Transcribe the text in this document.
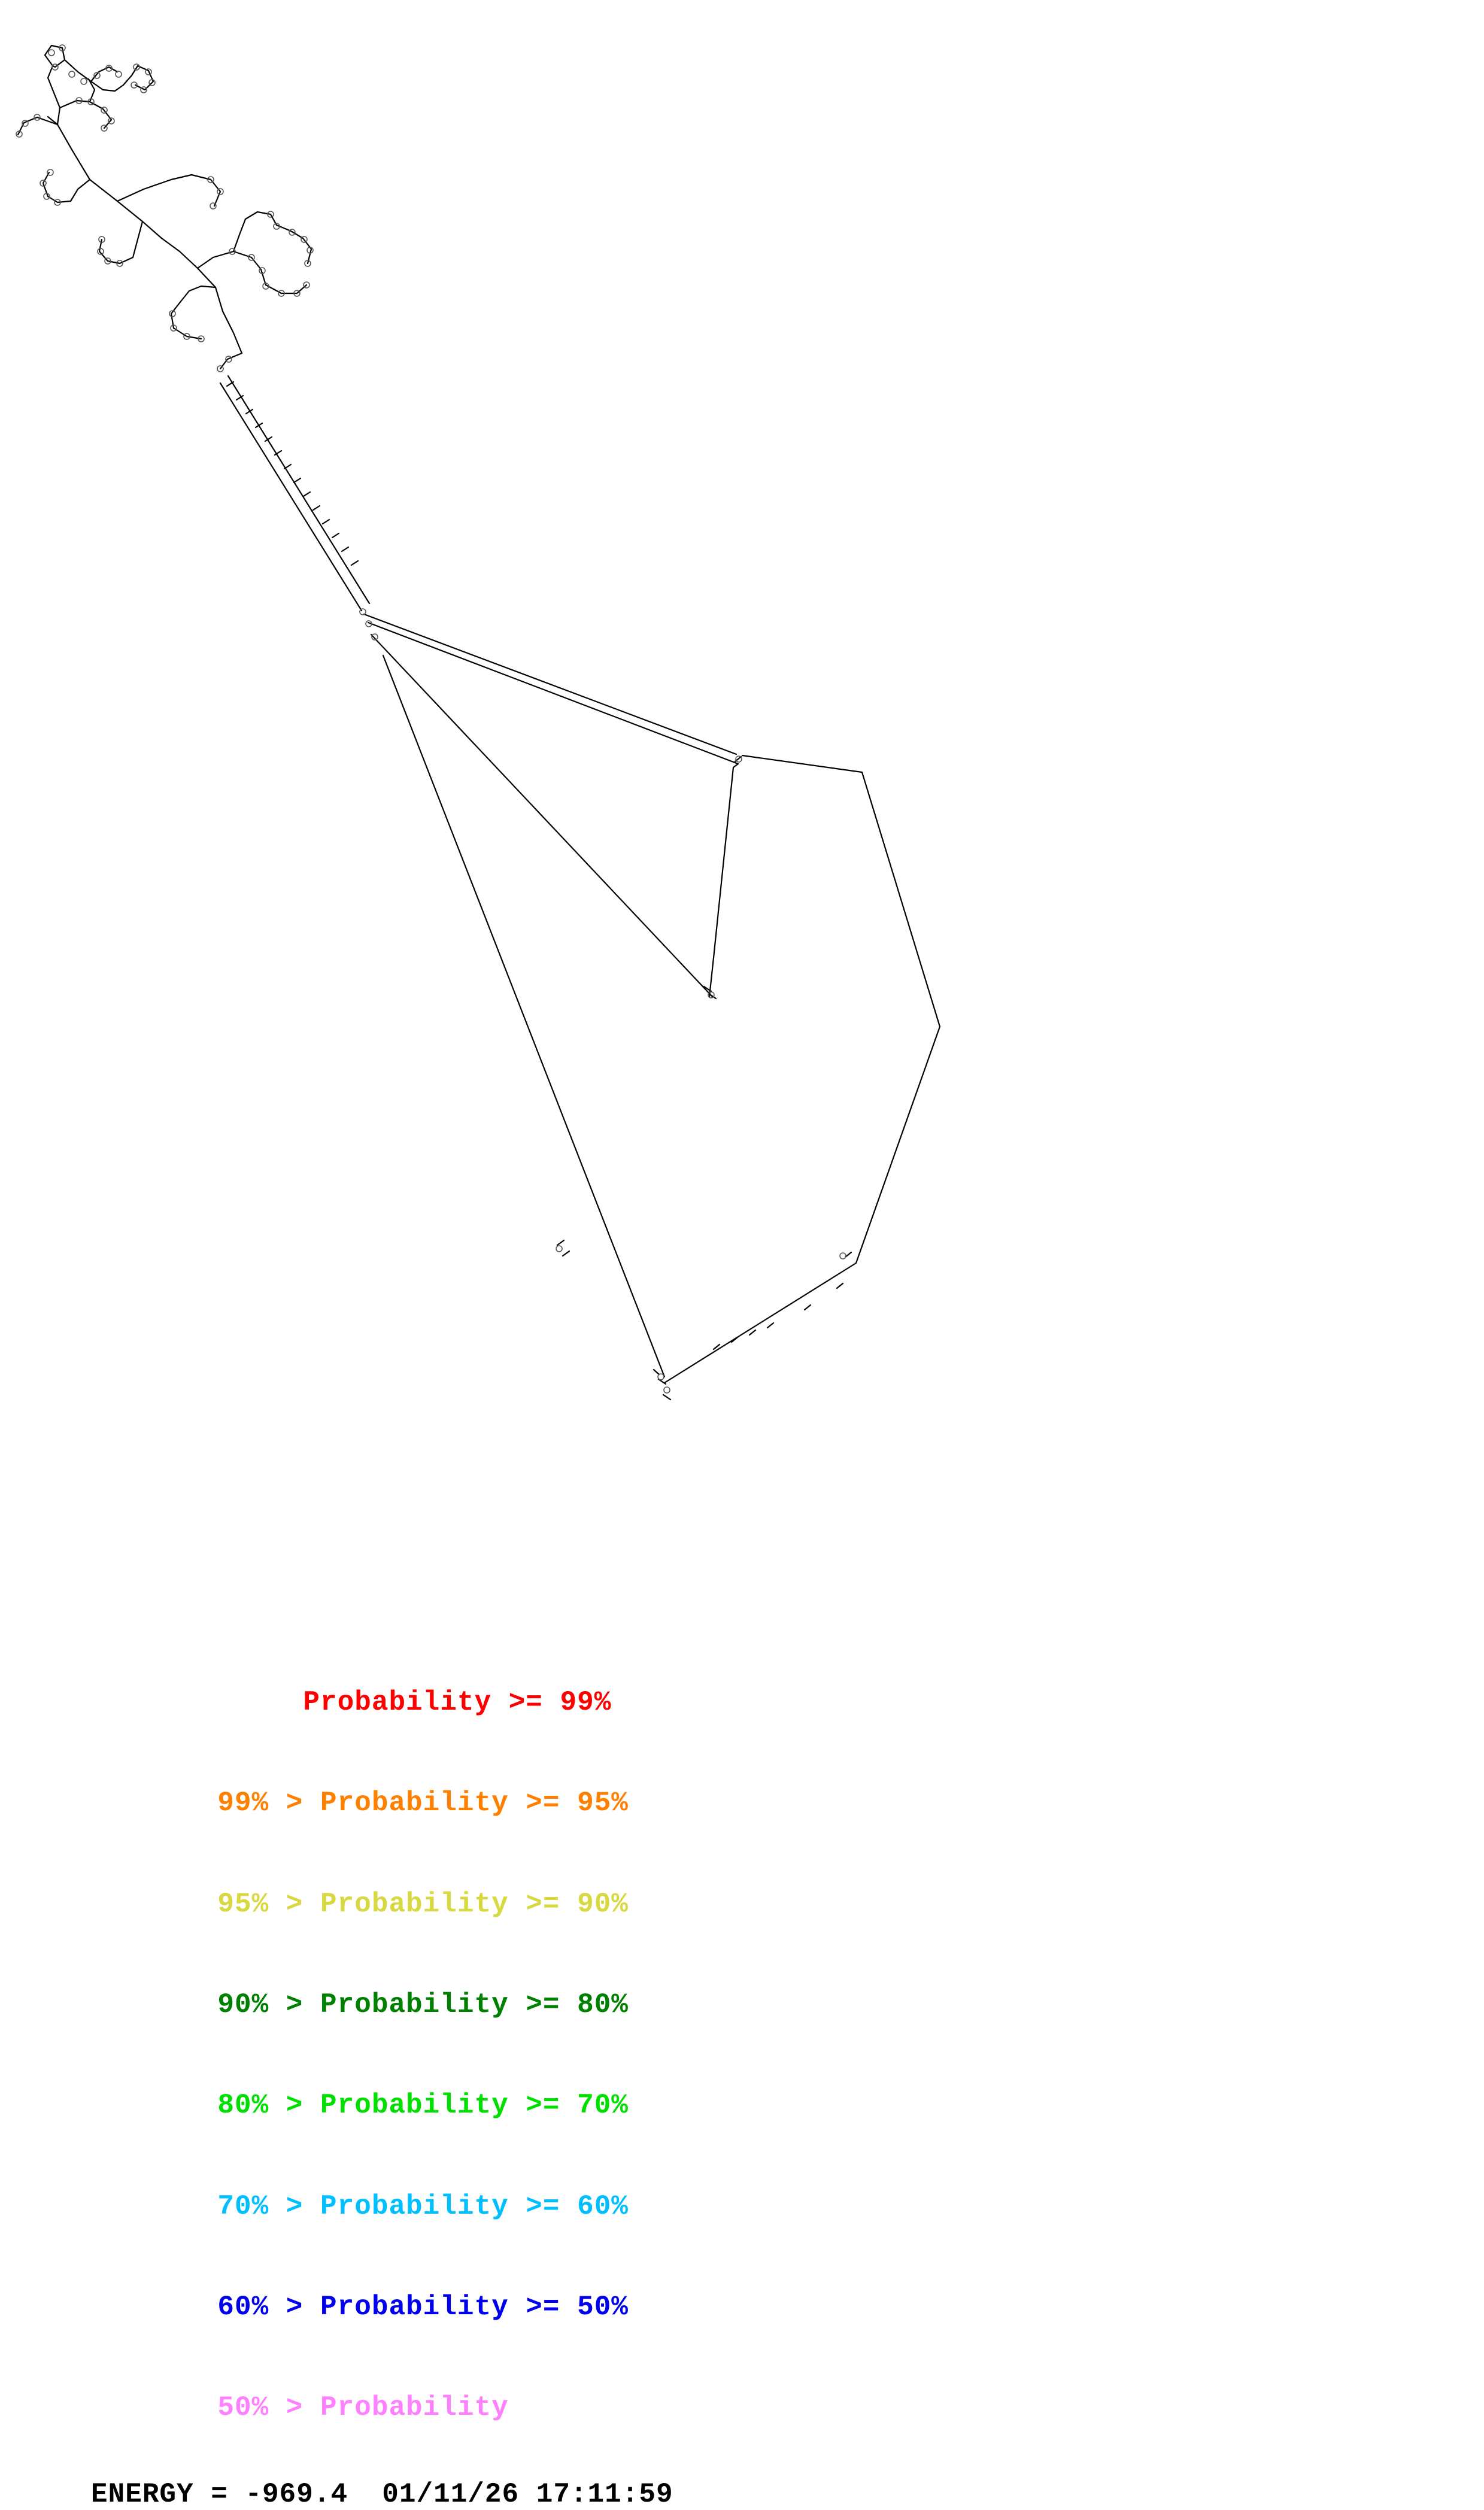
Probability >= 99%

99% > Probability >= 95%

95% > Probability >= 90%

90% > Probability >= 80%

80% > Probability >= 70%

70% > Probability >= 60%

60% > Probability >= 50%

50% > Probability

ENERGY = -969.4  01/11/26 17:11:59
